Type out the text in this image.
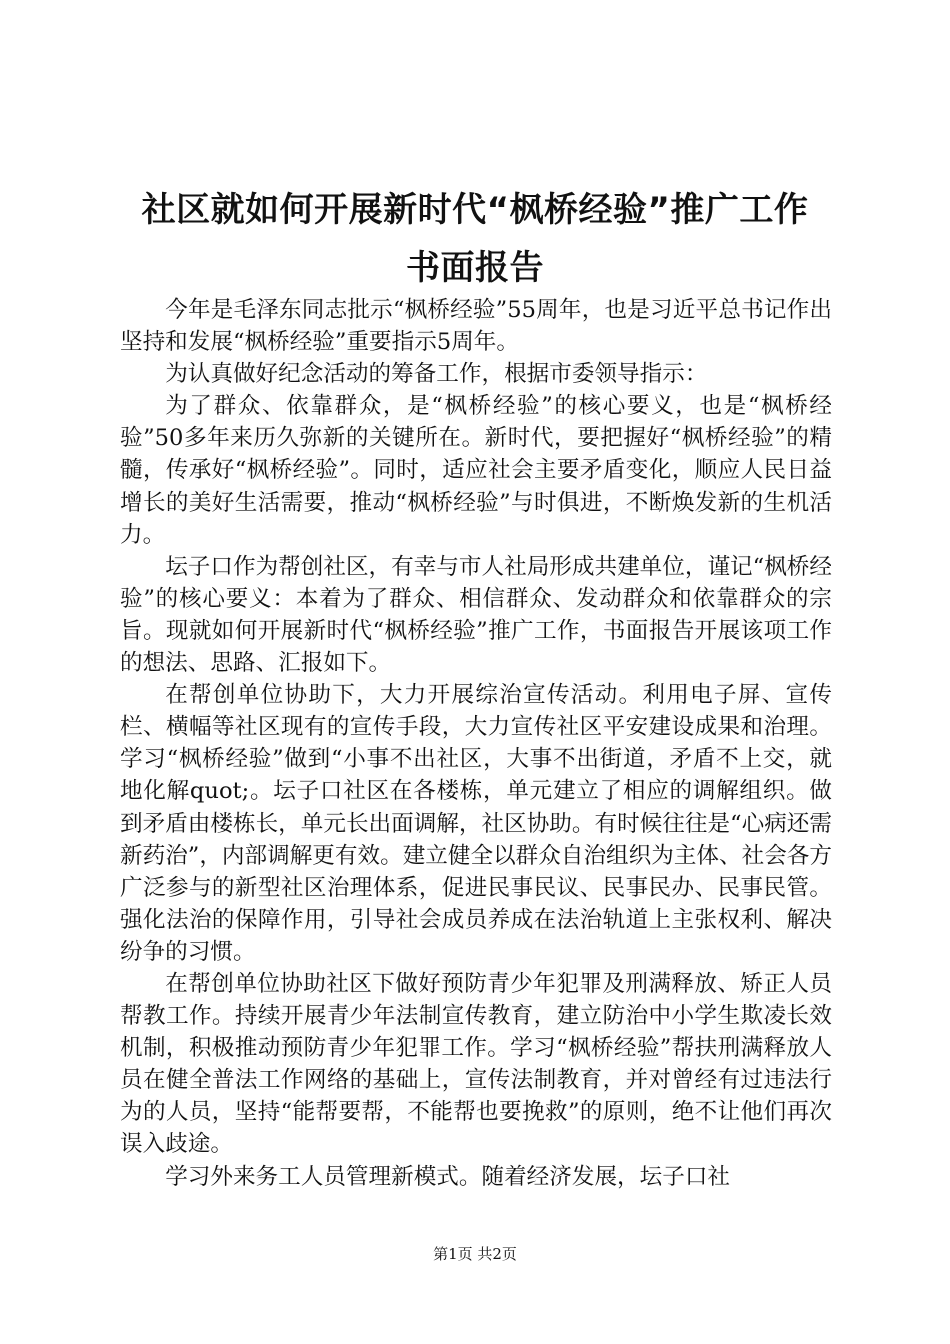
社区就如何开展新时代“枫桥经验”推广工作
书面报告

今年是毛泽东同志批示“枫桥经验”55周年，也是习近平总书记作出坚持和发展“枫桥经验”重要指示5周年。

为认真做好纪念活动的筹备工作，根据市委领导指示：

为了群众、依靠群众，是“枫桥经验”的核心要义，也是“枫桥经验”50多年来历久弥新的关键所在。新时代，要把握好“枫桥经验”的精髓，传承好“枫桥经验”。同时，适应社会主要矛盾变化，顺应人民日益增长的美好生活需要，推动“枫桥经验”与时俱进，不断焕发新的生机活力。

坛子口作为帮创社区，有幸与市人社局形成共建单位，谨记“枫桥经验”的核心要义：本着为了群众、相信群众、发动群众和依靠群众的宗旨。现就如何开展新时代“枫桥经验”推广工作，书面报告开展该项工作的想法、思路、汇报如下。

在帮创单位协助下，大力开展综治宣传活动。利用电子屏、宣传栏、横幅等社区现有的宣传手段，大力宣传社区平安建设成果和治理。学习“枫桥经验”做到“小事不出社区，大事不出街道，矛盾不上交，就地化解quot;。坛子口社区在各楼栋，单元建立了相应的调解组织。做到矛盾由楼栋长，单元长出面调解，社区协助。有时候往往是“心病还需新药治”，内部调解更有效。建立健全以群众自治组织为主体、社会各方广泛参与的新型社区治理体系，促进民事民议、民事民办、民事民管。强化法治的保障作用，引导社会成员养成在法治轨道上主张权利、解决纷争的习惯。

在帮创单位协助社区下做好预防青少年犯罪及刑满释放、矫正人员帮教工作。持续开展青少年法制宣传教育，建立防治中小学生欺凌长效机制，积极推动预防青少年犯罪工作。学习“枫桥经验”帮扶刑满释放人员在健全普法工作网络的基础上，宣传法制教育，并对曾经有过违法行为的人员，坚持“能帮要帮，不能帮也要挽救”的原则，绝不让他们再次误入歧途。

学习外来务工人员管理新模式。随着经济发展，坛子口社

第1页 共2页
